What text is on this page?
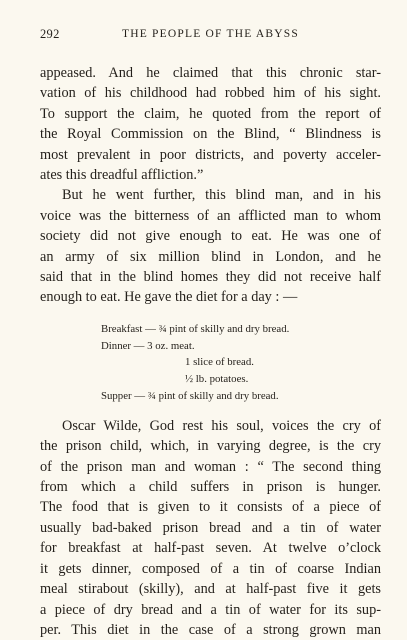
292	THE PEOPLE OF THE ABYSS

appeased. And he claimed that this chronic star-
vation of his childhood had robbed him of his sight.
To support the claim, he quoted from the report of
the Royal Commission on the Blind, “ Blindness is
most prevalent in poor districts, and poverty acceler-
ates this dreadful affliction.”

But he went further, this blind man, and in his
voice was the bitterness of an afflicted man to whom
society did not give enough to eat. He was one of
an army of six million blind in London, and he
said that in the blind homes they did not receive half
enough to eat. He gave the diet for a day : —

Breakfast — ¾ pint of skilly and dry bread.
Dinner — 3 oz. meat.
1 slice of bread.
½ lb. potatoes.
Supper — ¾ pint of skilly and dry bread.

Oscar Wilde, God rest his soul, voices the cry of
the prison child, which, in varying degree, is the cry
of the prison man and woman : “ The second thing
from which a child suffers in prison is hunger.
The food that is given to it consists of a piece of
usually bad-baked prison bread and a tin of water
for breakfast at half-past seven. At twelve o’clock
it gets dinner, composed of a tin of coarse Indian
meal stirabout (skilly), and at half-past five it gets
a piece of dry bread and a tin of water for its sup-
per. This diet in the case of a strong grown man
